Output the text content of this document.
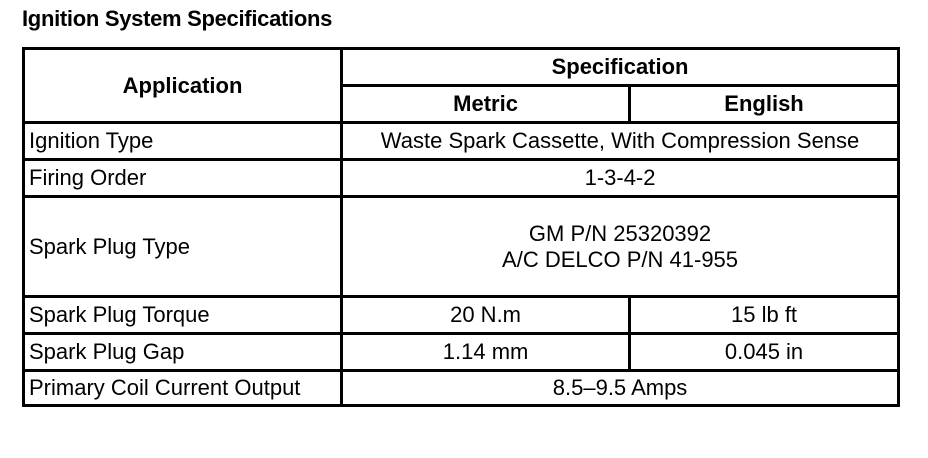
Ignition System Specifications
Application	Specification	
	Metric	English
Ignition Type	Waste Spark Cassette, With Compression Sense	
Firing Order	1-3-4-2	
Spark Plug Type	GM P/N 25320392
A/C DELCO P/N 41-955	

Spark Plug Torque	20 N.m	15 lb ft
Spark Plug Gap	1.14 mm	0.045 in
Primary Coil Current Output	8.5–9.5 Amps	
